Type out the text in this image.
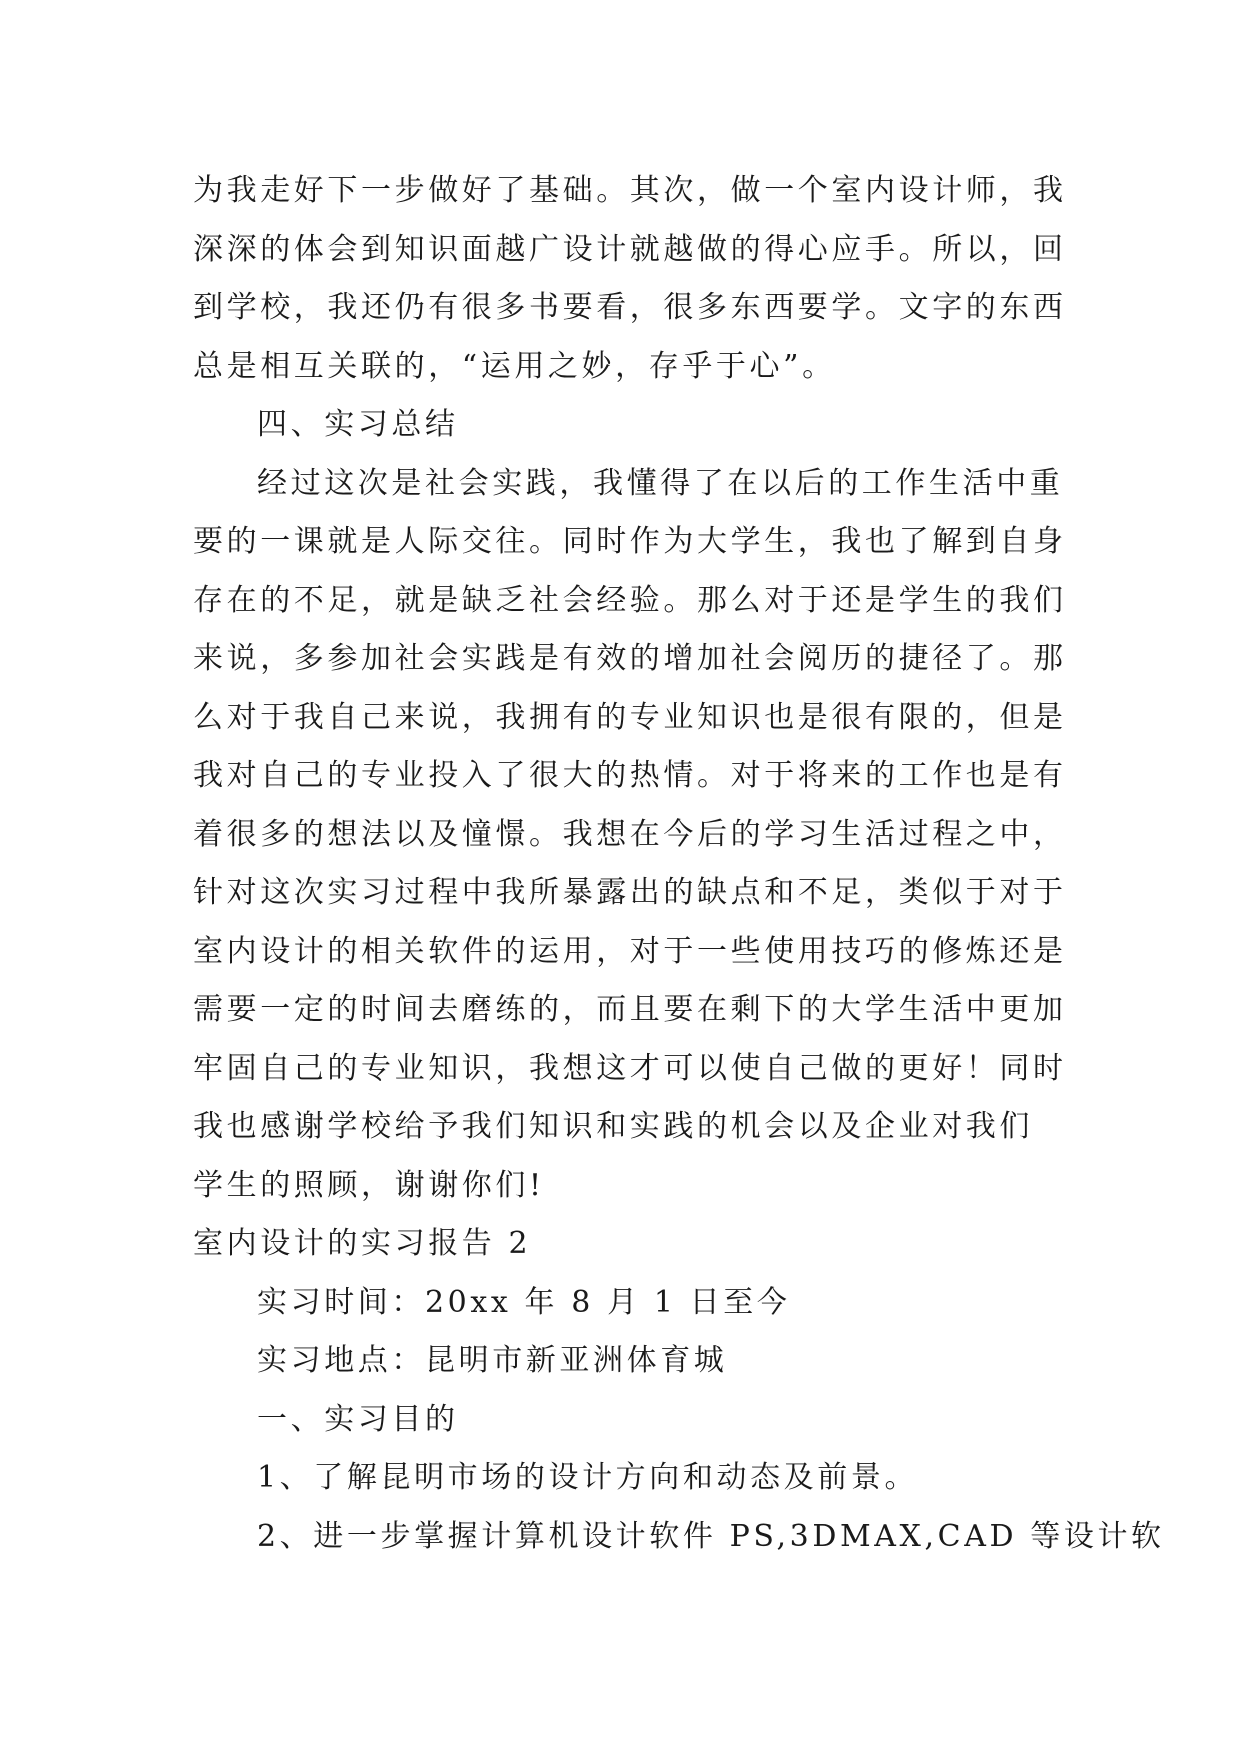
为我走好下一步做好了基础。其次，做一个室内设计师，我
深深的体会到知识面越广设计就越做的得心应手。所以，回
到学校，我还仍有很多书要看，很多东西要学。文字的东西
总是相互关联的，“运用之妙，存乎于心”。
四、实习总结
经过这次是社会实践，我懂得了在以后的工作生活中重
要的一课就是人际交往。同时作为大学生，我也了解到自身
存在的不足，就是缺乏社会经验。那么对于还是学生的我们
来说，多参加社会实践是有效的增加社会阅历的捷径了。那
么对于我自己来说，我拥有的专业知识也是很有限的，但是
我对自己的专业投入了很大的热情。对于将来的工作也是有
着很多的想法以及憧憬。我想在今后的学习生活过程之中，
针对这次实习过程中我所暴露出的缺点和不足，类似于对于
室内设计的相关软件的运用，对于一些使用技巧的修炼还是
需要一定的时间去磨练的，而且要在剩下的大学生活中更加
牢固自己的专业知识，我想这才可以使自己做的更好！同时
我也感谢学校给予我们知识和实践的机会以及企业对我们
学生的照顾，谢谢你们!
室内设计的实习报告 2
实习时间：20xx 年 8 月 1 日至今
实习地点：昆明市新亚洲体育城
一、实习目的
1、了解昆明市场的设计方向和动态及前景。
2、进一步掌握计算机设计软件 PS,3DMAX,CAD 等设计软
